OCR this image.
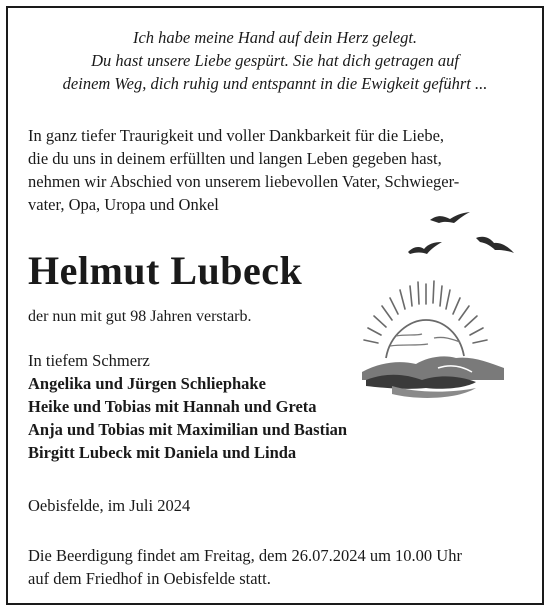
Ich habe meine Hand auf dein Herz gelegt.
Du hast unsere Liebe gespürt. Sie hat dich getragen auf
deinem Weg, dich ruhig und entspannt in die Ewigkeit geführt ...
In ganz tiefer Traurigkeit und voller Dankbarkeit für die Liebe,
die du uns in deinem erfüllten und langen Leben gegeben hast,
nehmen wir Abschied von unserem liebevollen Vater, Schwieger-
vater, Opa, Uropa und Onkel
Helmut Lubeck
der nun mit gut 98 Jahren verstarb.
In tiefem Schmerz
Angelika und Jürgen Schliephake
Heike und Tobias mit Hannah und Greta
Anja und Tobias mit Maximilian und Bastian
Birgitt Lubeck mit Daniela und Linda
Oebisfelde, im Juli 2024
Die Beerdigung findet am Freitag, dem 26.07.2024 um 10.00 Uhr
auf dem Friedhof in Oebisfelde statt.
